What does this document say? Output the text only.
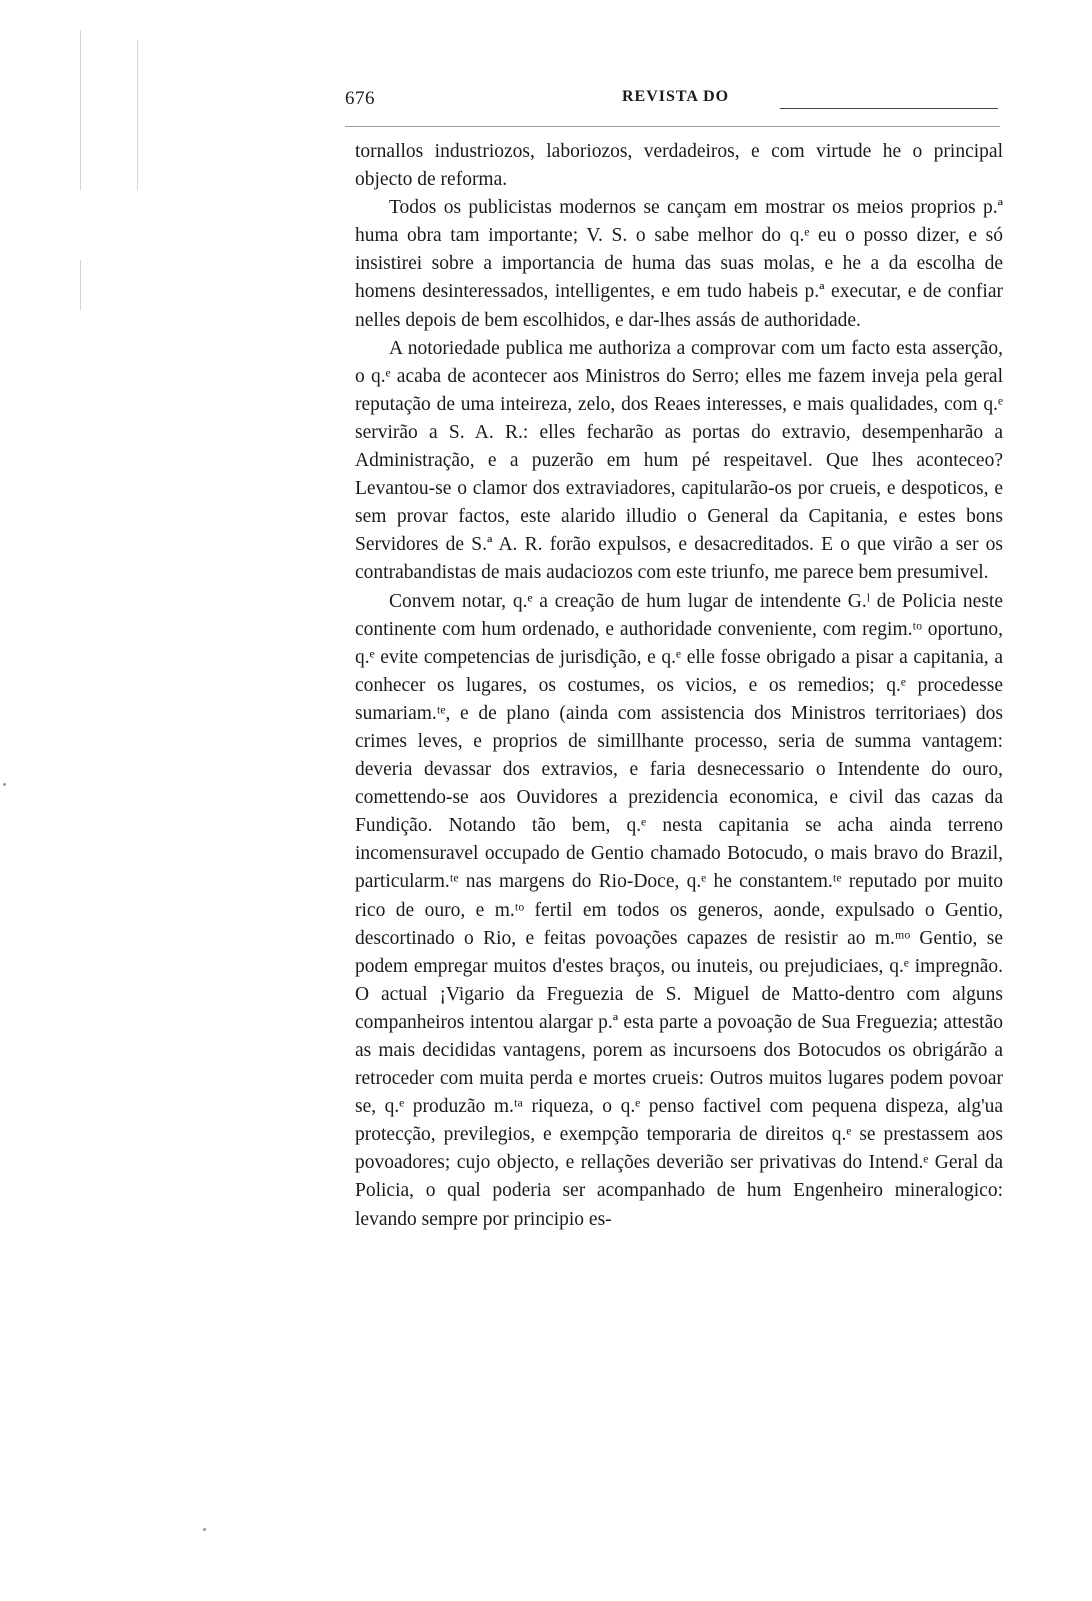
676	REVISTA DO

tornallos industriozos, laboriozos, verdadeiros, e com virtude he o principal objecto de reforma.

Todos os publicistas modernos se cançam em mostrar os meios proprios p.ª huma obra tam importante; V. S. o sabe melhor do q.ᵉ eu o posso dizer, e só insistirei sobre a importancia de huma das suas molas, e he a da escolha de homens desinteressados, intelligentes, e em tudo habeis p.ª executar, e de confiar nelles depois de bem escolhidos, e dar-lhes assás de authoridade.

A notoriedade publica me authoriza a comprovar com um facto esta asserção, o q.ᵉ acaba de acontecer aos Ministros do Serro; elles me fazem inveja pela geral reputação de uma inteireza, zelo, dos Reaes interesses, e mais qualidades, com q.ᵉ servirão a S. A. R.: elles fecharão as portas do extravio, desempenharão a Administração, e a puzerão em hum pé respeitavel. Que lhes aconteceo? Levantou-se o clamor dos extraviadores, capitularão-os por crueis, e despoticos, e sem provar factos, este alarido illudio o General da Capitania, e estes bons Servidores de S.ª A. R. forão expulsos, e desacreditados. E o que virão a ser os contrabandistas de mais audaciozos com este triunfo, me parece bem presumivel.

Convem notar, q.ᵉ a creação de hum lugar de intendente G.ˡ de Policia neste continente com hum ordenado, e authoridade conveniente, com regim.ᵗᵒ oportuno, q.ᵉ evite competencias de jurisdição, e q.ᵉ elle fosse obrigado a pisar a capitania, a conhecer os lugares, os costumes, os vicios, e os remedios; q.ᵉ procedesse sumariam.ᵗᵉ, e de plano (ainda com assistencia dos Ministros territoriaes) dos crimes leves, e proprios de simillhante processo, seria de summa vantagem: deveria devassar dos extravios, e faria desnecessario o Intendente do ouro, comettendo-se aos Ouvidores a prezidencia economica, e civil das cazas da Fundição. Notando tão bem, q.ᵉ nesta capitania se acha ainda terreno incomensuravel occupado de Gentio chamado Botocudo, o mais bravo do Brazil, particularm.ᵗᵉ nas margens do Rio-Doce, q.ᵉ he constantem.ᵗᵉ reputado por muito rico de ouro, e m.ᵗᵒ fertil em todos os generos, aonde, expulsado o Gentio, descortinado o Rio, e feitas povoações capazes de resistir ao m.ᵐᵒ Gentio, se podem empregar muitos d'estes braços, ou inuteis, ou prejudiciaes, q.ᵉ impregnão. O actual ¡Vigario da Freguezia de S. Miguel de Matto-dentro com alguns companheiros intentou alargar p.ª esta parte a povoação de Sua Freguezia; attestão as mais decididas vantagens, porem as incursoens dos Botocudos os obrigárão a retroceder com muita perda e mortes crueis: Outros muitos lugares podem povoar se, q.ᵉ produzão m.ᵗᵃ riqueza, o q.ᵉ penso factivel com pequena dispeza, alg'ua protecção, previlegios, e exempção temporaria de direitos q.ᵉ se prestassem aos povoadores; cujo objecto, e rellações deverião ser privativas do Intend.ᵉ Geral da Policia, o qual poderia ser acompanhado de hum Engenheiro mineralogico: levando sempre por principio es-
